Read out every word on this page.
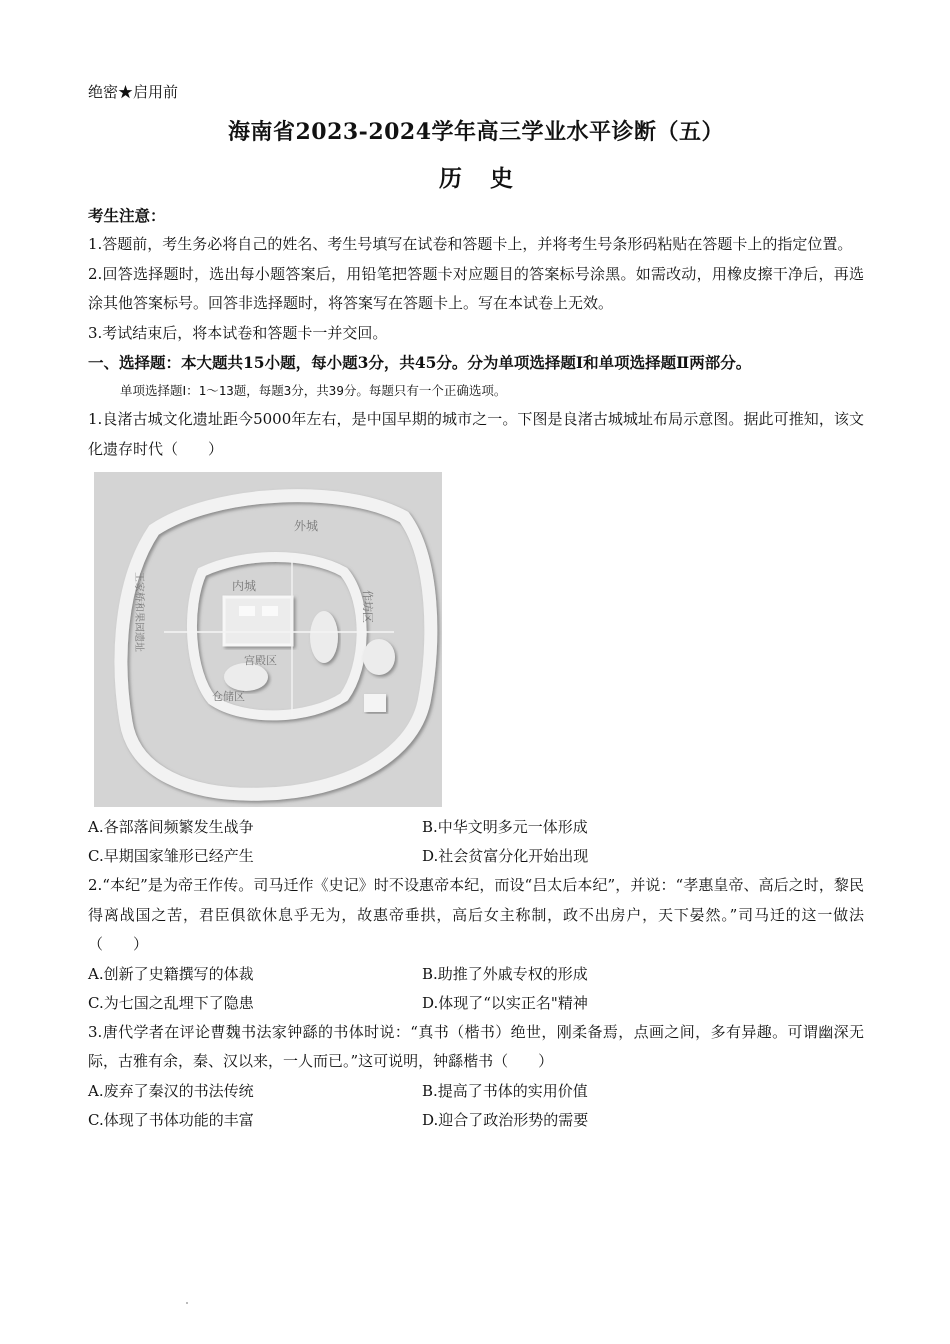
绝密★启用前
海南省2023-2024学年高三学业水平诊断（五）
历史
考生注意：
1.答题前，考生务必将自己的姓名、考生号填写在试卷和答题卡上，并将考生号条形码粘贴在答题卡上的指定位置。
2.回答选择题时，选出每小题答案后，用铅笔把答题卡对应题目的答案标号涂黑。如需改动，用橡皮擦干净后，再选涂其他答案标号。回答非选择题时，将答案写在答题卡上。写在本试卷上无效。
3.考试结束后，将本试卷和答题卡一并交回。
一、选择题：本大题共15小题，每小题3分，共45分。分为单项选择题Ⅰ和单项选择题Ⅱ两部分。
单项选择题Ⅰ：1～13题，每题3分，共39分。每题只有一个正确选项。
1.良渚古城文化遗址距今5000年左右，是中国早期的城市之一。下图是良渚古城城址布局示意图。据此可推知，该文化遗存时代（　　）
外城
内城
宫殿区
仓储区
作坊区
王家桥和果园遗址
A.各部落间频繁发生战争	B.中华文明多元一体形成
C.早期国家雏形已经产生	D.社会贫富分化开始出现
2.“本纪”是为帝王作传。司马迁作《史记》时不设惠帝本纪，而设“吕太后本纪”，并说：“孝惠皇帝、高后之时，黎民得离战国之苦，君臣俱欲休息乎无为，故惠帝垂拱，高后女主称制，政不出房户，天下晏然。”司马迁的这一做法（　　）
A.创新了史籍撰写的体裁	B.助推了外戚专权的形成
C.为七国之乱埋下了隐患	D.体现了“以实正名"精神
3.唐代学者在评论曹魏书法家钟繇的书体时说：“真书（楷书）绝世，刚柔备焉，点画之间，多有异趣。可谓幽深无际，古雅有余，秦、汉以来，一人而已。”这可说明，钟繇楷书（　　）
A.废弃了秦汉的书法传统	B.提高了书体的实用价值
C.体现了书体功能的丰富	D.迎合了政治形势的需要
